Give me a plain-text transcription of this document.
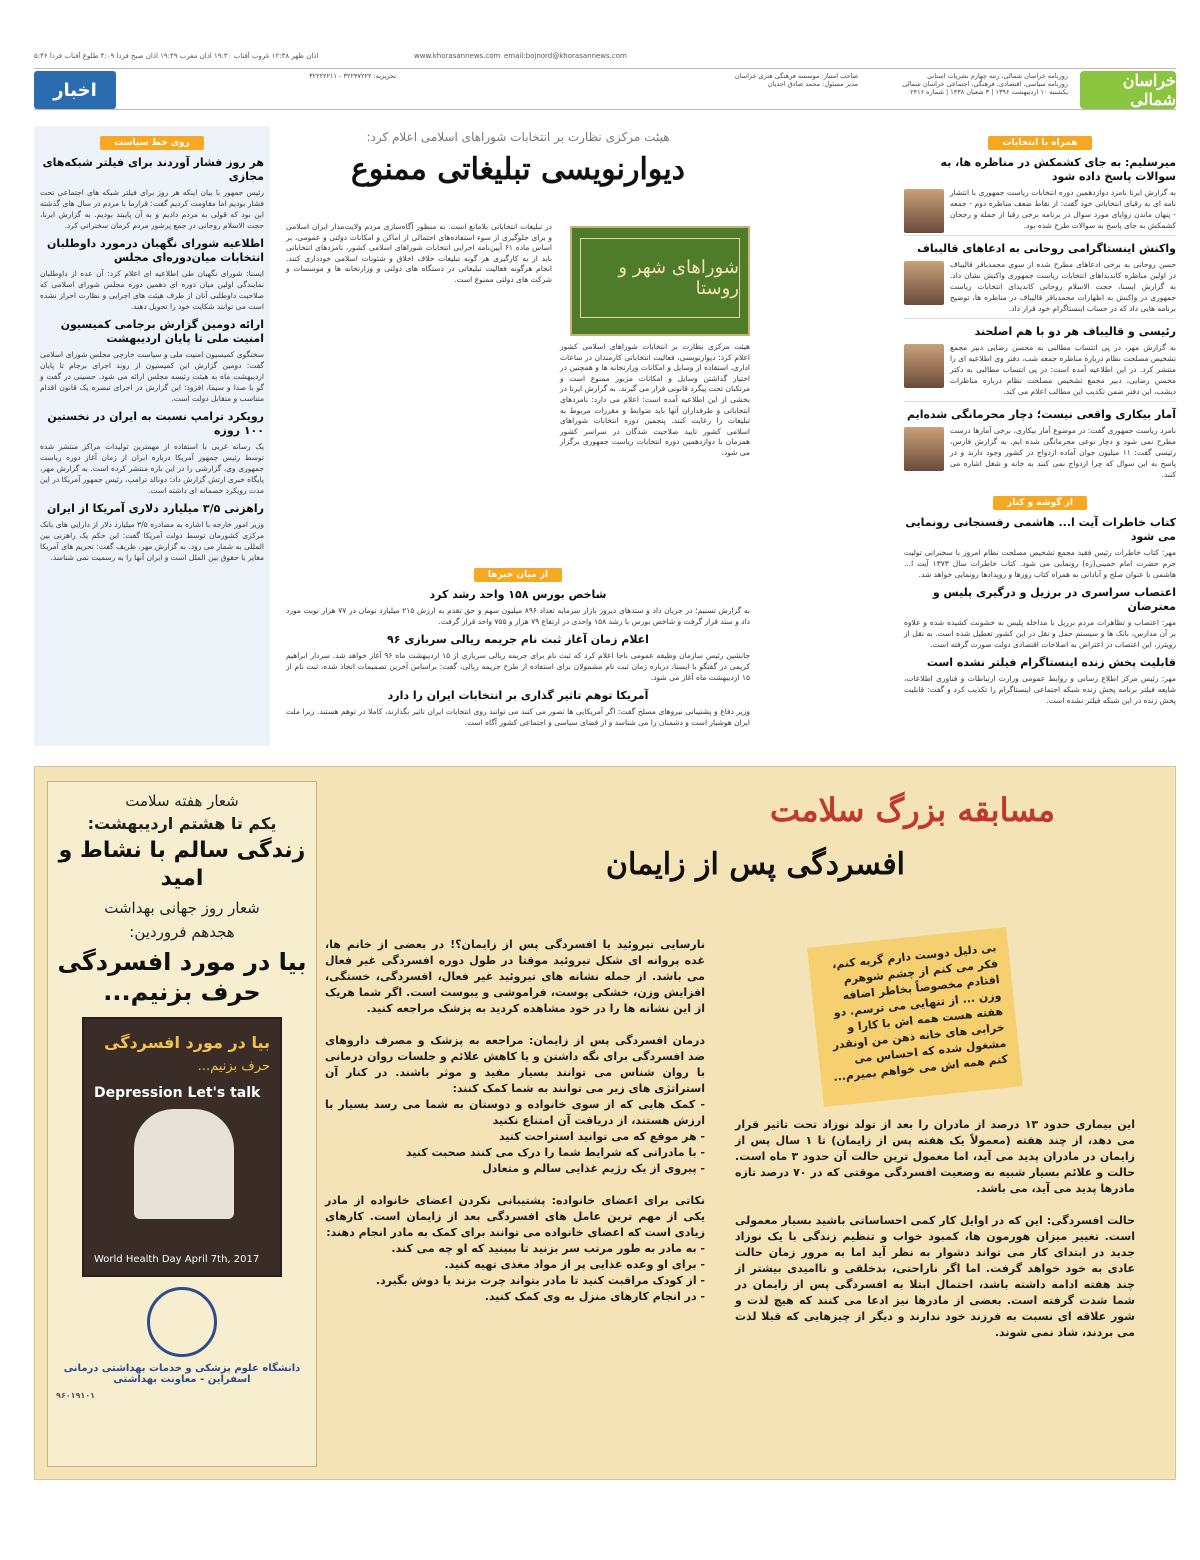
اذان ظهر ۱۲:۳۸ غروب آفتاب ۱۹:۳۰ اذان مغرب ۱۹:۴۹ اذان صبح فردا ۴:۰۹ طلوع آفتاب فردا ۵:۴۶	www.khorasannews.com email:bojnord@khorasannews.com
خراسان شمالی
روزنامه خراسان شمالی، رتبه چهارم نشریات استانی
روزنامه سیاسی، اقتصادی، فرهنگی، اجتماعی خراسان شمالی
یکشنبه ۱۰ اردیبهشت ۱۳۹۶ | ۳ شعبان ۱۴۳۸ | شماره ۲۴۱۶
صاحب امتیاز: موسسه فرهنگی هنری خراسان
مدیر مسئول: محمد صادق احدیان
تحریریه: ۳۲۲۴۷۲۲۲ - ۳۲۲۲۲۲۱۱
اخبار
همراه با انتخابات
میرسلیم: به جای کشمکش در مناظره ها، به سوالات پاسخ داده شود
به گزارش ایرنا نامزد دوازدهمین دوره انتخابات ریاست جمهوری با انتشار نامه ای به رقبای انتخاباتی خود گفت: از نقاط ضعف مناظره دوم - جمعه - پنهان ماندن زوایای مورد سوال در برنامه برخی رقبا از جمله و رجحان کشمکش به جای پاسخ به سوالات طرح شده بود.
واکنش اینستاگرامی روحانی به ادعاهای قالیباف
حسن روحانی به برخی ادعاهای مطرح شده از سوی محمدباقر قالیباف در اولین مناظره کاندیداهای انتخابات ریاست جمهوری واکنش نشان داد. به گزارش ایسنا، حجت الاسلام روحانی کاندیدای انتخابات ریاست جمهوری در واکنش به اظهارات محمدباقر قالیباف در مناظره ها، توضیح برنامه هایی داد که در حساب اینستاگرام خود قرار داد.
رئیسی و قالیباف هر دو با هم اصلحند
به گزارش مهر، در پی انتساب مطالبی به محسن رضایی دبیر مجمع تشخیص مصلحت نظام درباره مناظره جمعه شب، دفتر وی اطلاعیه ای را منتشر کرد. در این اطلاعیه آمده است: در پی انتساب مطالبی به دکتر محسن رضایی، دبیر مجمع تشخیص مصلحت نظام درباره مناظرات دیشب، این دفتر ضمن تکذیب این مطالب اعلام می کند.
آمار بیکاری واقعی نیست؛ دچار محرمانگی شده‌ایم
نامزد ریاست جمهوری گفت: در موضوع آمار بیکاری، برخی آمارها درست مطرح نمی شود و دچار نوعی محرمانگی شده ایم. به گزارش فارس، رئیسی گفت: ۱۱ میلیون جوان آماده ازدواج در کشور وجود دارند و در پاسخ به این سوال که چرا ازدواج نمی کنند به خانه و شغل اشاره می کنند.
از گوشه و کنار
کتاب خاطرات آیت ا... هاشمی رفسنجانی رونمایی می شود
مهر: کتاب خاطرات رئیس فقید مجمع تشخیص مصلحت نظام امروز با سخنرانی تولیت حرم حضرت امام خمینی(ره) رونمایی می شود. کتاب خاطرات سال ۱۳۷۳ آیت ا... هاشمی با عنوان صلح و آبادانی به همراه کتاب روزها و رویدادها رونمایی خواهد شد.
اعتصاب سراسری در برزیل و درگیری پلیس و معترضان
مهر: اعتصاب و تظاهرات مردم برزیل با مداخله پلیس به خشونت کشیده شده و علاوه بر آن مدارس، بانک ها و سیستم حمل و نقل در این کشور تعطیل شده است. به نقل از رویترز، این اعتصاب در اعتراض به اصلاحات اقتصادی دولت صورت گرفته است.
قابلیت پخش زنده اینستاگرام فیلتر نشده است
مهر: رئیس مرکز اطلاع رسانی و روابط عمومی وزارت ارتباطات و فناوری اطلاعات، شایعه فیلتر برنامه پخش زنده شبکه اجتماعی اینستاگرام را تکذیب کرد و گفت: قابلیت پخش زنده در این شبکه فیلتر نشده است.
هیئت مرکزی نظارت بر انتخابات شوراهای اسلامی اعلام کرد:
دیوارنویسی تبلیغاتی ممنوع
شوراهای شهر و روستا
هیئت مرکزی نظارت بر انتخابات شوراهای اسلامی کشور اعلام کرد: دیوارنویسی، فعالیت انتخاباتی کارمندان در ساعات اداری، استفاده از وسایل و امکانات وزارتخانه ها و همچنین در اختیار گذاشتن وسایل و امکانات مزبور ممنوع است و مرتکبان تحت پیگرد قانونی قرار می گیرند. به گزارش ایرنا در بخشی از این اطلاعیه آمده است: اعلام می دارد: نامزدهای انتخاباتی و طرفداران آنها باید ضوابط و مقررات مربوط به تبلیغات را رعایت کنند. پنجمین دوره انتخابات شوراهای اسلامی کشور تایید صلاحیت شدگان در سراسر کشور همزمان با دوازدهمین دوره انتخابات ریاست جمهوری برگزار می شود.
در تبلیغات انتخاباتی بلامانع است. به منظور آگاه‌سازی مردم ولایت‌مدار ایران اسلامی و برای جلوگیری از سوء استفاده‌های احتمالی از اماکن و امکانات دولتی و عمومی، بر اساس ماده ۶۱ آیین‌نامه اجرایی انتخابات شوراهای اسلامی کشور، نامزدهای انتخاباتی باید از به کارگیری هر گونه تبلیغات خلاف اخلاق و شئونات اسلامی خودداری کنند. انجام هرگونه فعالیت تبلیغاتی در دستگاه های دولتی و وزارتخانه ها و موسسات و شرکت های دولتی ممنوع است.
از میان خبرها
شاخص بورس ۱۵۸ واحد رشد کرد
به گزارش تسنیم؛ در جریان داد و ستدهای دیروز بازار سرمایه تعداد ۸۹۶ میلیون سهم و حق تقدم به ارزش ۲۱۵ میلیارد تومان در ۷۷ هزار نوبت مورد داد و ستد قرار گرفت و شاخص بورس با رشد ۱۵۸ واحدی در ارتفاع ۷۹ هزار و ۷۵۵ واحد قرار گرفت.
اعلام زمان آغاز ثبت نام جریمه ریالی سربازی ۹۶
جانشین رئیس سازمان وظیفه عمومی ناجا اعلام کرد که ثبت نام برای جریمه ریالی سربازی از ۱۵ اردیبهشت ماه ۹۶ آغاز خواهد شد. سردار ابراهیم کریمی در گفتگو با ایسنا، درباره زمان ثبت نام مشمولان برای استفاده از طرح جریمه ریالی، گفت: براساس آخرین تصمیمات اتخاذ شده، ثبت نام از ۱۵ اردیبهشت ماه آغاز می شود.
آمریکا توهم تاثیر گذاری بر انتخابات ایران را دارد
وزیر دفاع و پشتیبانی نیروهای مسلح گفت: اگر آمریکایی ها تصور می کنند می توانند روی انتخابات ایران تاثیر بگذارند، کاملا در توهم هستند. زیرا ملت ایران هوشیار است و دشمنان را می شناسد و از فضای سیاسی و اجتماعی کشور آگاه است.
روی خط سیاست
هر روز فشار آوردند برای فیلتر شبکه‌های مجازی
رئیس جمهور با بیان اینکه هر روز برای فیلتر شبکه های اجتماعی تحت فشار بودیم اما مقاومت کردیم گفت: قرارما با مردم در سال های گذشته این بود که قولی به مردم دادیم و به آن پایبند بودیم. به گزارش ایرنا، حجت الاسلام روحانی در جمع پرشور مردم کرمان سخنرانی کرد.
اطلاعیه شورای نگهبان درمورد داوطلبان انتخابات میان‌دوره‌ای مجلس
ایسنا: شورای نگهبان طی اطلاعیه ای اعلام کرد: آن عده از داوطلبان نمایندگی اولین میان دوره ای دهمین دوره مجلس شورای اسلامی که صلاحیت داوطلبی آنان از طرف هیئت های اجرایی و نظارت احراز نشده است می توانند شکایت خود را تحویل دهند.
ارائه دومین گزارش برجامی کمیسیون امنیت ملی تا پایان اردیبهشت
سخنگوی کمیسیون امنیت ملی و سیاست خارجی مجلس شورای اسلامی گفت: دومین گزارش این کمیسیون از روند اجرای برجام تا پایان اردیبهشت ماه به هیئت رئیسه مجلس ارائه می شود. حسینی در گفت و گو با صدا و سیما، افزود: این گزارش در اجرای تبصره یک قانون اقدام متناسب و متقابل دولت است.
رویکرد ترامپ نسبت به ایران در نخستین ۱۰۰ روزه
یک رسانه غربی با استفاده از مهمترین تولیدات مراکز منتشر شده توسط رئیس جمهور آمریکا درباره ایران از زمان آغاز دوره ریاست جمهوری وی، گزارشی را در این باره منتشر کرده است. به گزارش مهر، پایگاه خبری ارتش گزارش داد: دونالد ترامپ، رئیس جمهور آمریکا در این مدت رویکرد خصمانه ای داشته است.
راهزنی ۳/۵ میلیارد دلاری آمریکا از ایران
وزیر امور خارجه با اشاره به مصادره ۳/۵ میلیارد دلار از دارایی های بانک مرکزی کشورمان توسط دولت آمریکا گفت: این حکم یک راهزنی بین المللی به شمار می رود. به گزارش مهر، ظریف گفت: تحریم های آمریکا مغایر با حقوق بین الملل است و ایران آنها را به رسمیت نمی شناسد.
شعار هفته سلامت
یکم تا هشتم اردیبهشت:
زندگی سالم با نشاط و امید
شعار روز جهانی بهداشت
هجدهم فروردین:
بیا در مورد افسردگی حرف بزنیم...
بیا در مورد افسردگی
حرف بزنیم...
Depression Let's talk
World Health Day April 7th, 2017
دانشگاه علوم پزشکی و خدمات بهداشتی درمانی اسفراین - معاونت بهداشتی
۹۶۰۱۹۱۰۱
مسابقه بزرگ سلامت
افسردگی پس از زایمان
بی دلیل دوست دارم گریه کنم، فکر می کنم از چشم شوهرم افتادم مخصوصاً بخاطر اضافه وزن ... از تنهایی می ترسم. دو هفته هست همه اش با کارا و خرابی های خانه ذهن من اونقدر مشغول شده که احساس می کنم همه اش می خواهم بمیرم...
نارسایی تیروئید یا افسردگی پس از زایمان؟! در بعضی از خانم ها، غده پروانه ای شکل تیروئید موقتا در طول دوره افسردگی غیر فعال می باشد. از جمله نشانه های تیروئید غیر فعال، افسردگی، خستگی، افزایش وزن، خشکی پوست، فراموشی و یبوست است. اگر شما هریک از این نشانه ها را در خود مشاهده کردید به پزشک مراجعه کنید.

درمان افسردگی پس از زایمان: مراجعه به پزشک و مصرف داروهای ضد افسردگی برای نگه داشتن و یا کاهش علائم و جلسات روان درمانی با روان شناس می توانند بسیار مفید و موثر باشند. در کنار آن استراتژی های زیر می توانند به شما کمک کنند:
- کمک هایی که از سوی خانواده و دوستان به شما می رسد بسیار با ارزش هستند، از دریافت آن امتناع نکنید
- هر موقع که می توانید استراحت کنید
- با مادرانی که شرایط شما را درک می کنند صحبت کنید
- پیروی از یک رژیم غذایی سالم و متعادل

نکاتی برای اعضای خانواده: پشتیبانی نکردن اعضای خانواده از مادر یکی از مهم ترین عامل های افسردگی بعد از زایمان است. کارهای زیادی است که اعضای خانواده می توانند برای کمک به مادر انجام دهند:
- به مادر به طور مرتب سر بزنید تا ببینید که او چه می کند.
- برای او وعده غذایی پر از مواد مغذی تهیه کنید.
- از کودک مراقبت کنید تا مادر بتواند چرت بزند یا دوش بگیرد.
- در انجام کارهای منزل به وی کمک کنید.
این بیماری حدود ۱۳ درصد از مادران را بعد از تولد نوزاد تحت تاثیر قرار می دهد، از چند هفته (معمولاً یک هفته پس از زایمان) تا ۱ سال پس از زایمان در مادران پدید می آید، اما معمول ترین حالت آن حدود ۳ ماه است. حالت و علائم بسیار شبیه به وضعیت افسردگی موقتی که در ۷۰ درصد تازه مادرها پدید می آید، می باشد.

حالت افسردگی: این که در اوایل کار کمی احساساتی باشید بسیار معمولی است. تغییر میزان هورمون ها، کمبود خواب و تنظیم زندگی با یک نوزاد جدید در ابتدای کار می تواند دشوار به نظر آید اما به مرور زمان حالت عادی به خود خواهد گرفت. اما اگر ناراحتی، بدخلقی و ناامیدی بیشتر از چند هفته ادامه داشته باشد، احتمال ابتلا به افسردگی پس از زایمان در شما شدت گرفته است. بعضی از مادرها نیز ادعا می کنند که هیچ لذت و شور علاقه ای نسبت به فرزند خود ندارند و دیگر از چیزهایی که قبلا لذت می بردند، شاد نمی شوند.
